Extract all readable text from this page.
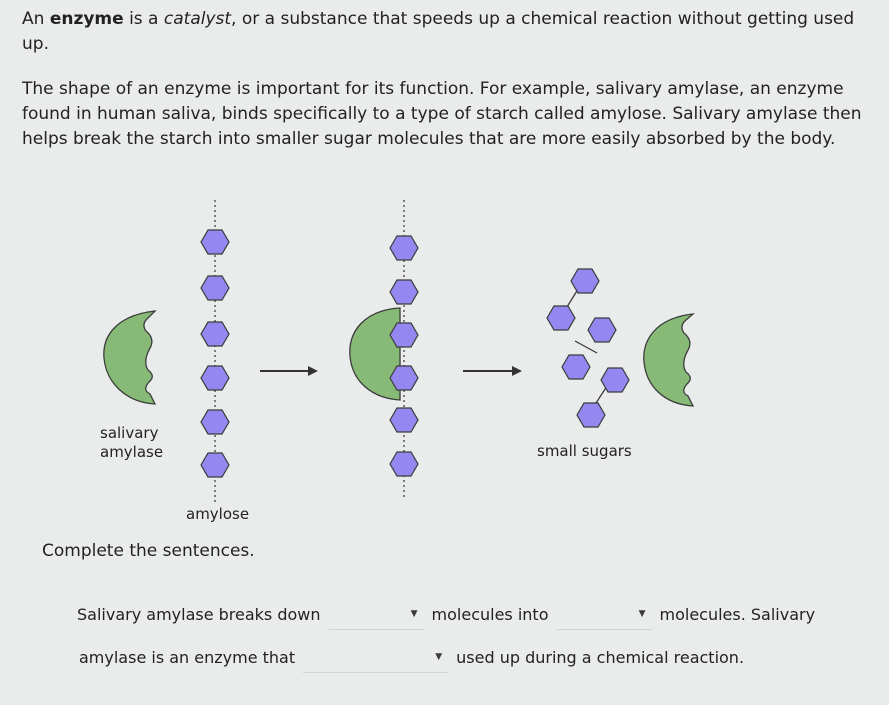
An enzyme is a catalyst, or a substance that speeds up a chemical reaction without getting used up.

The shape of an enzyme is important for its function. For example, salivary amylase, an enzyme found in human saliva, binds specifically to a type of starch called amylose. Salivary amylase then helps break the starch into smaller sugar molecules that are more easily absorbed by the body.

salivary
amylase
amylose
small sugars
Complete the sentences.
Salivary amylase breaks down	▼ molecules into	▼ molecules. Salivary
amylase is an enzyme that	▼ used up during a chemical reaction.
